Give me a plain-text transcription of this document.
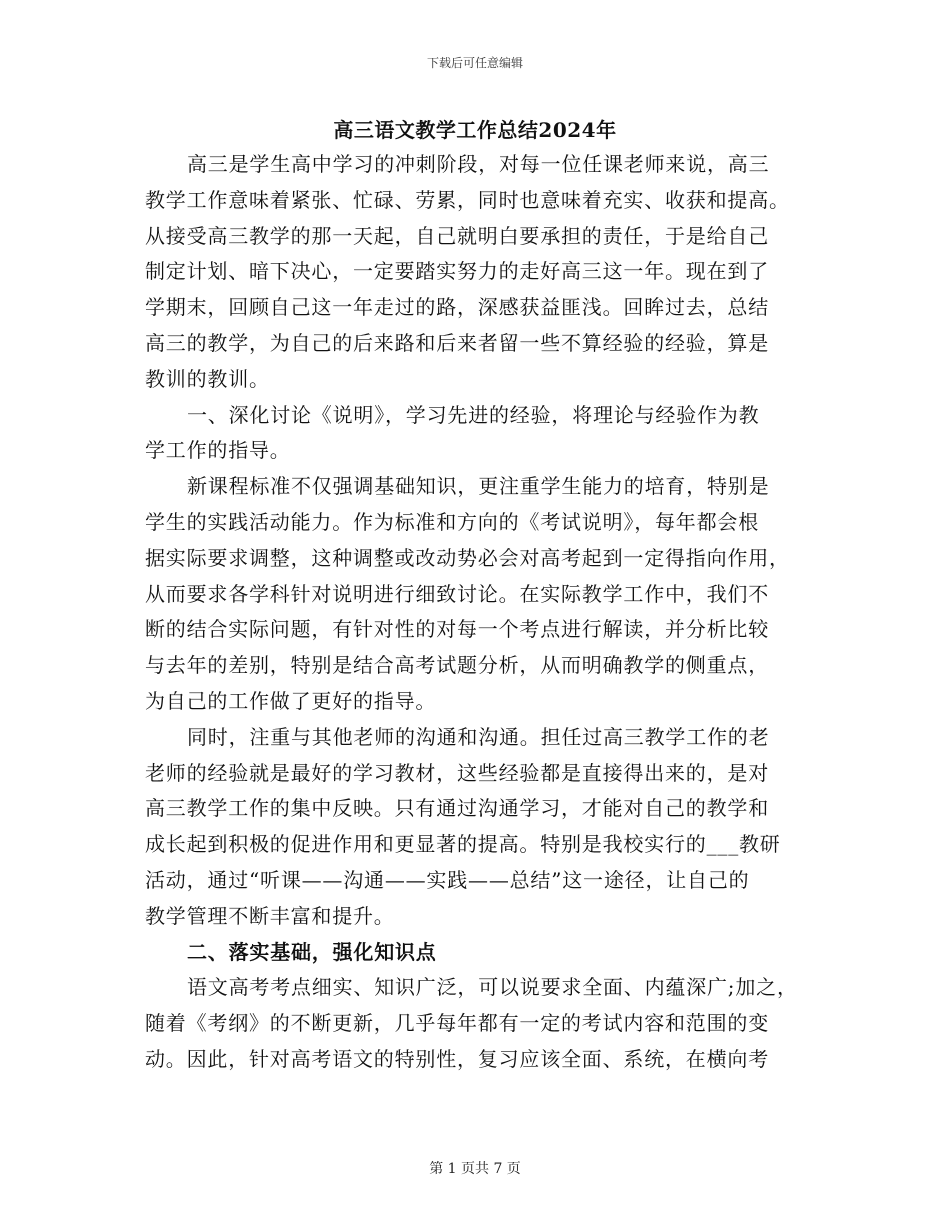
下载后可任意编辑
高三语文教学工作总结2024年
高三是学生高中学习的冲刺阶段，对每一位任课老师来说，高三
教学工作意味着紧张、忙碌、劳累，同时也意味着充实、收获和提高。
从接受高三教学的那一天起，自己就明白要承担的责任，于是给自己
制定计划、暗下决心，一定要踏实努力的走好高三这一年。现在到了
学期末，回顾自己这一年走过的路，深感获益匪浅。回眸过去，总结
高三的教学，为自己的后来路和后来者留一些不算经验的经验，算是
教训的教训。
一、深化讨论《说明》，学习先进的经验，将理论与经验作为教
学工作的指导。
新课程标准不仅强调基础知识，更注重学生能力的培育，特别是
学生的实践活动能力。作为标准和方向的《考试说明》，每年都会根
据实际要求调整，这种调整或改动势必会对高考起到一定得指向作用，
从而要求各学科针对说明进行细致讨论。在实际教学工作中，我们不
断的结合实际问题，有针对性的对每一个考点进行解读，并分析比较
与去年的差别，特别是结合高考试题分析，从而明确教学的侧重点，
为自己的工作做了更好的指导。
同时，注重与其他老师的沟通和沟通。担任过高三教学工作的老
老师的经验就是最好的学习教材，这些经验都是直接得出来的，是对
高三教学工作的集中反映。只有通过沟通学习，才能对自己的教学和
成长起到积极的促进作用和更显著的提高。特别是我校实行的___教研
活动，通过“听课——沟通——实践——总结”这一途径，让自己的
教学管理不断丰富和提升。
二、落实基础，强化知识点
语文高考考点细实、知识广泛，可以说要求全面、内蕴深广;加之，
随着《考纲》的不断更新，几乎每年都有一定的考试内容和范围的变
动。因此，针对高考语文的特别性，复习应该全面、系统，在横向考
第 1 页共 7 页
